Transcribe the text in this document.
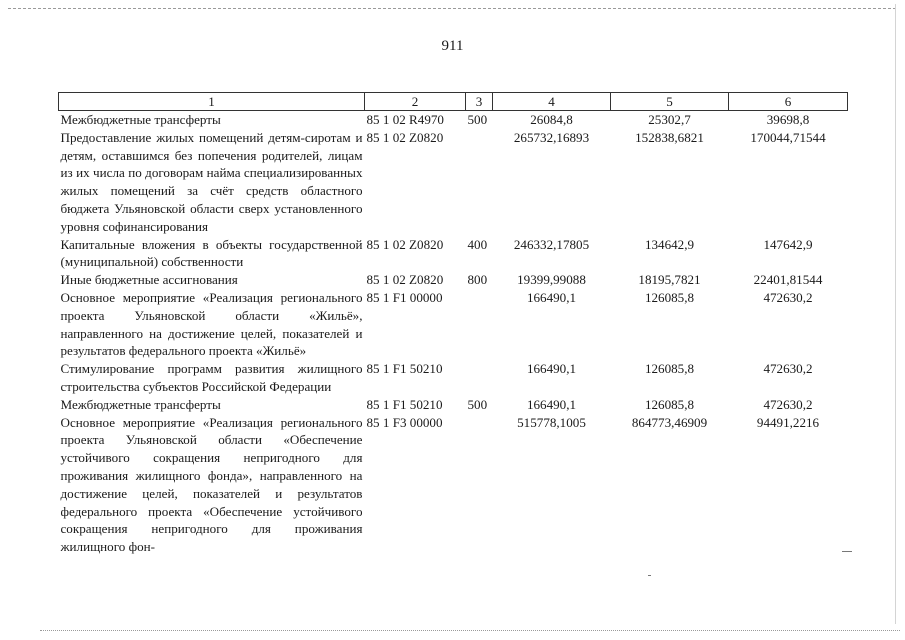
911
1	2	3	4	5	6
Межбюджетные трансферты	85 1 02 R4970	500	26084,8	25302,7	39698,8
Предоставление жилых помещений детям-сиротам и детям, оставшимся без попечения родителей, лицам из их числа по договорам найма специализированных жилых помещений за счёт средств областного бюджета Ульяновской области сверх установленного уровня софинансирования	85 1 02 Z0820		265732,16893	152838,6821	170044,71544
Капитальные вложения в объекты государственной (муниципальной) собственности	85 1 02 Z0820	400	246332,17805	134642,9	147642,9
Иные бюджетные ассигнования	85 1 02 Z0820	800	19399,99088	18195,7821	22401,81544
Основное мероприятие «Реализация регионального проекта Ульяновской области «Жильё», направленного на достижение целей, показателей и результатов федерального проекта «Жильё»	85 1 F1 00000		166490,1	126085,8	472630,2
Стимулирование программ развития жилищного строительства субъектов Российской Федерации	85 1 F1 50210		166490,1	126085,8	472630,2
Межбюджетные трансферты	85 1 F1 50210	500	166490,1	126085,8	472630,2
Основное мероприятие «Реализация регионального проекта Ульяновской области «Обеспечение устойчивого сокращения непригодного для проживания жилищного фонда», направленного на достижение целей, показателей и результатов федерального проекта «Обеспечение устойчивого сокращения непригодного для проживания жилищного фон-	85 1 F3 00000		515778,1005	864773,46909	94491,2216
